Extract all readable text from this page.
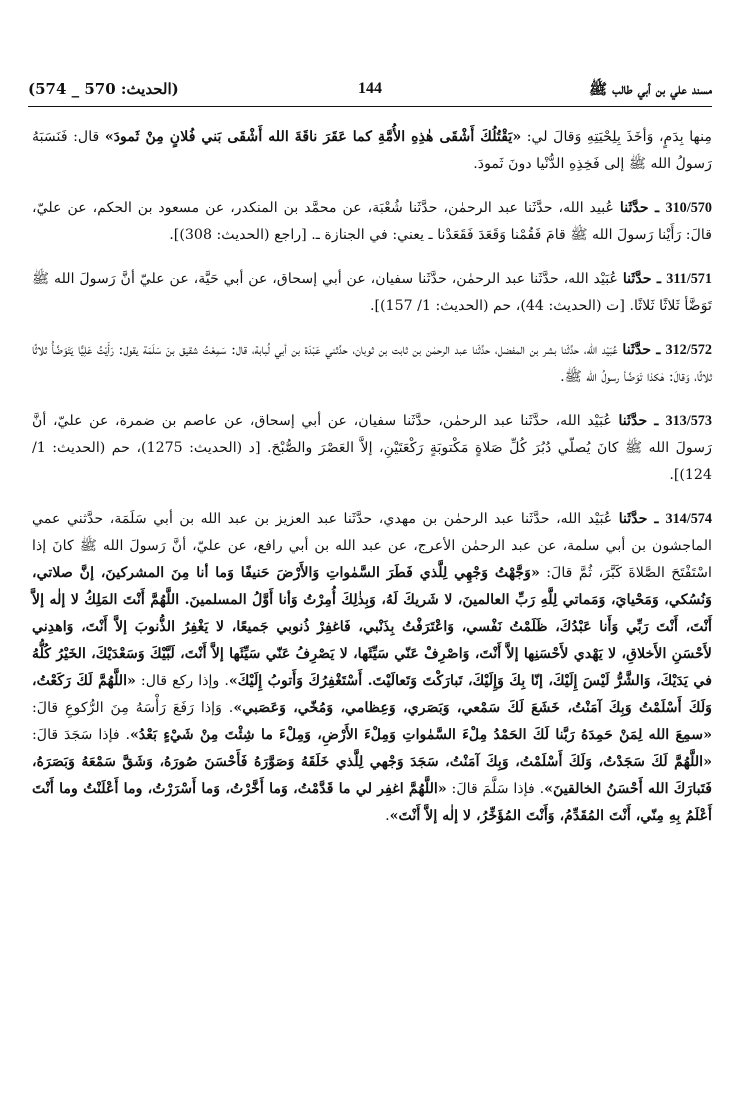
مسند علي بن أبي طالب ﷺ
144
(الحديث: 570 _ 574)

مِنها بِدَمٍ، وَأخَذَ بِلِحْيَتِهِ وَقالَ لي: «يَقْتُلُكَ أَشْقَى هٰذِهِ الأُمَّةِ كما عَقَرَ ناقَةَ الله أَشْقَى بَني فُلانٍ مِنْ ثَمودَ» قال: فَنَسَبَهُ رَسولُ الله ﷺ إلى فَخِذِهِ الدُّنْيا دونَ ثَمودَ.

310/570 ـ حدَّثَنا عُبيد الله، حدَّثَنا عبد الرحمٰن، حدَّثَنا شُعْبَة، عن محمَّد بن المنكدر، عن مسعود بن الحكم، عن عليّ، قالَ: رَأَيْنا رَسولَ الله ﷺ قامَ فَقُمْنا وَقَعَدَ فَقَعَدْنا ـ يعني: في الجنازة ـ. [راجع (الحديث: 308)].

311/571 ـ حدَّثَنا عُبَيْد الله، حدَّثَنا عبد الرحمٰن، حدَّثَنا سفيان، عن أبي إسحاق، عن أبي حَيَّة، عن عليّ أنَّ رَسولَ الله ﷺ تَوَضَّأ ثَلاثًا ثَلاثًا. [ت (الحديث: 44)، حم (الحديث: 1/ 157)].

312/572 ـ حدَّثَنا عُبَيْد الله، حدَّثَنا بشر بن المفضل، حدَّثَنا عبد الرحمٰن بن ثابت بن ثوبان، حدَّثني عَبْدَة بن أبي لُبابة، قال: سَمِعْتُ شقيق بنَ سَلَمَة يقول: رَأَيْتُ عَلِيًّا يَتَوَضَّأُ ثلاثًا ثلاثًا، وَقالَ: هٰكذا تَوَضَّأ رسولُ الله ﷺ.

313/573 ـ حدَّثَنا عُبَيْد الله، حدَّثَنا عبد الرحمٰن، حدَّثَنا سفيان، عن أبي إسحاق، عن عاصم بن ضمرة، عن عليّ، أنَّ رَسولَ الله ﷺ كانَ يُصلّي دُبُرَ كُلِّ صَلاةٍ مَكْتوبَةٍ رَكْعَتَيْنِ، إلاَّ العَصْرَ والصُّبْحَ. [د (الحديث: 1275)، حم (الحديث: 1/ 124)].

314/574 ـ حدَّثَنا عُبَيْد الله، حدَّثَنا عبد الرحمٰن بن مهدي، حدَّثَنا عبد العزيز بن عبد الله بن أبي سَلَمَة، حدَّثني عمي الماجشون بن أبي سلمة، عن عبد الرحمٰن الأعرج، عن عبد الله بن أبي رافع، عن عليّ، أنَّ رَسولَ الله ﷺ كانَ إذا اسْتَفْتَحَ الصَّلاةَ كَبَّرَ، ثُمَّ قالَ: «وَجَّهْتُ وَجْهِي لِلَّذي فَطَرَ السَّمٰواتِ وَالأَرْضَ حَنيفًا وَما أنا مِنَ المشركينَ، إنَّ صلاتي، وَنُسُكي، وَمَحْيايَ، وَمَماتي لِلَّهِ رَبِّ العالمينَ، لا شَريكَ لَهُ، وَبِذٰلِكَ أُمِرْتُ وَأنا أَوَّلُ المسلمينَ. اللَّهُمَّ أَنْتَ المَلِكُ لا إلٰه إلاَّ أَنْتَ، أَنْتَ رَبِّي وَأَنا عَبْدُكَ، ظَلَمْتُ نَفْسي، وَاعْتَرَفْتُ بِذَنْبي، فَاغفِرْ ذُنوبي جَميعًا، لا يَغْفِرُ الذُّنوبَ إلاَّ أَنْتَ، وَاهدِني لأَحْسَنِ الأَخلاقِ، لا يَهْدي لأَحْسَنِها إلاَّ أَنْتَ، وَاصْرِفْ عَنّي سَيِّئَها، لا يَصْرِفُ عَنّي سَيِّئَها إلاَّ أَنْتَ، لَبَّيْكَ وَسَعْدَيْكَ، الخَيْرُ كُلُّهُ في يَدَيْكَ، وَالشَّرُّ لَيْسَ إِلَيْكَ، إنّا بِكَ وَإِلَيْكَ، تَبارَكْتَ وَتَعالَيْتَ. أَسْتَغْفِرُكَ وَأَتوبُ إِلَيْكَ». وإذا ركع قال: «اللَّهُمَّ لَكَ رَكَعْتُ، وَلَكَ أَسْلَمْتُ وَبِكَ آمَنْتُ، خَشَعَ لَكَ سَمْعي، وَبَصَري، وَعِظامي، وَمُخّي، وَعَصَبي». وَإذا رَفَعَ رَأْسَهُ مِنَ الرُّكوعِ قالَ: «سمِعَ الله لِمَنْ حَمِدَهُ رَبَّنا لَكَ الحَمْدُ مِلْءَ السَّمٰواتِ وَمِلْءَ الأَرْضِ، وَمِلْءَ ما شِئْتَ مِنْ شَيْءٍ بَعْدُ». فإذا سَجَدَ قالَ: «اللَّهُمَّ لَكَ سَجَدْتُ، وَلَكَ أَسْلَمْتُ، وَبِكَ آمَنْتُ، سَجَدَ وَجْهي لِلَّذي خَلَقَهُ وَصَوَّرَهُ فَأَحْسَنَ صُورَهُ، وَشَقَّ سَمْعَهُ وَبَصَرَهُ، فَتَبارَكَ الله أَحْسَنُ الخالقينَ». فإذا سَلَّمَ قالَ: «اللَّهُمَّ اغفِر لي ما قَدَّمْتُ، وَما أَخَّرْتُ، وَما أَسْرَرْتُ، وما أَعْلَنْتُ وما أَنْتَ أَعْلَمُ بِهِ مِنّي، أَنْتَ المُقَدِّمُ، وَأَنْتَ المُؤَخِّرُ، لا إلٰه إلاَّ أَنْتَ».
